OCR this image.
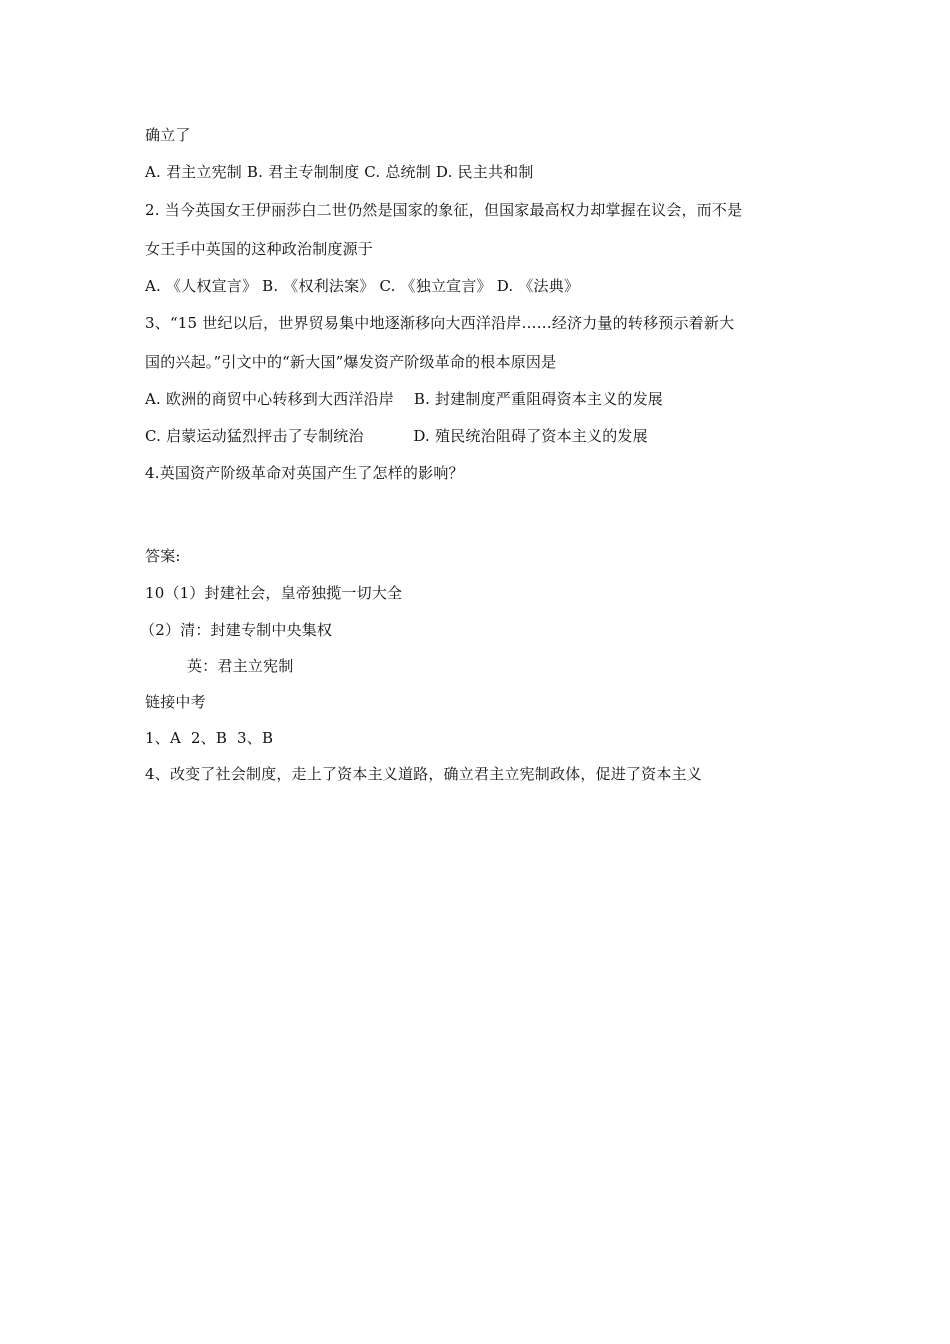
确立了
A. 君主立宪制 B. 君主专制制度 C. 总统制 D. 民主共和制
2. 当今英国女王伊丽莎白二世仍然是国家的象征，但国家最高权力却掌握在议会，而不是
女王手中英国的这种政治制度源于
A. 《人权宣言》 B. 《权利法案》 C. 《独立宣言》 D. 《法典》
3、“15 世纪以后，世界贸易集中地逐渐移向大西洋沿岸……经济力量的转移预示着新大
国的兴起。”引文中的“新大国”爆发资产阶级革命的根本原因是
A. 欧洲的商贸中心转移到大西洋沿岸    B. 封建制度严重阻碍资本主义的发展
C. 启蒙运动猛烈抨击了专制统治          D. 殖民统治阻碍了资本主义的发展
4.英国资产阶级革命对英国产生了怎样的影响？
答案:
10（1）封建社会，皇帝独揽一切大全
（2）清：封建专制中央集权
英：君主立宪制
链接中考
1、A  2、B  3、B
4、改变了社会制度，走上了资本主义道路，确立君主立宪制政体，促进了资本主义
